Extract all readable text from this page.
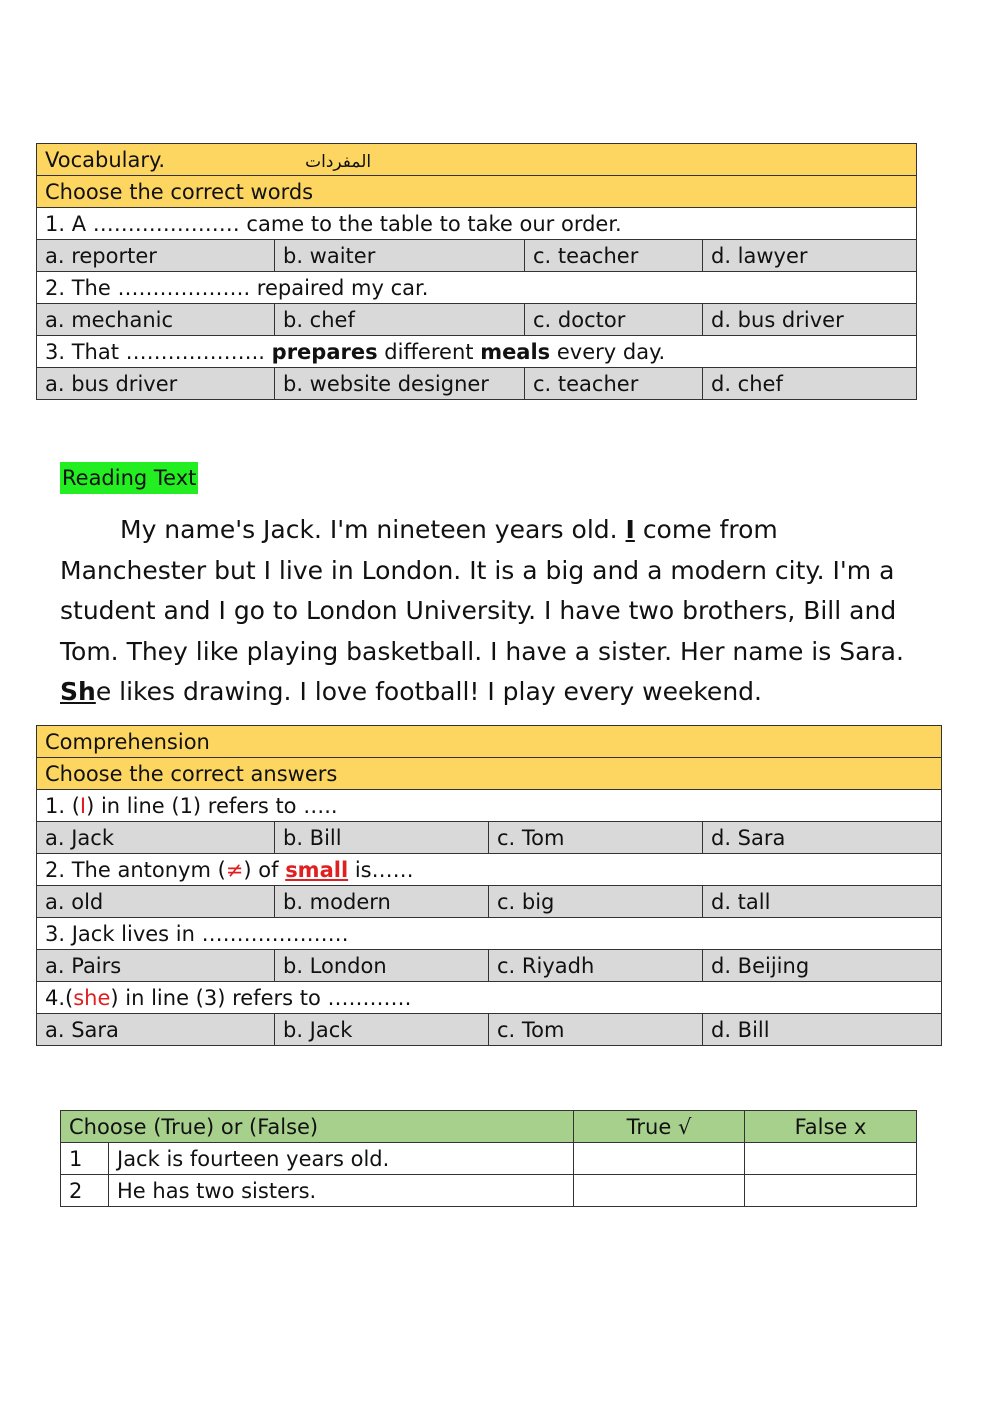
Vocabulary. المفردات			
Choose the correct words			
1. A ………………… came to the table to take our order.			
a. reporter	b. waiter	c. teacher	d. lawyer
2. The ………………. repaired my car.			
a. mechanic	b. chef	c. doctor	d. bus driver
3. That ……………….. prepares different meals every day.			
a. bus driver	b. website designer	c. teacher	d. chef
Reading Text

My name's Jack. I'm nineteen years old. I come from Manchester but I live in London. It is a big and a modern city. I'm a student and I go to London University. I have two brothers, Bill and Tom. They like playing basketball. I have a sister. Her name is Sara. She likes drawing. I love football! I play every weekend.

Comprehension			
Choose the correct answers			
1. (I) in line (1) refers to …..			
a. Jack	b. Bill	c. Tom	d. Sara
2. The antonym (≠) of small is……			
a. old	b. modern	c. big	d. tall
3. Jack lives in …………………			
a. Pairs	b. London	c. Riyadh	d. Beijing
4.(she) in line (3) refers to …………			
a. Sara	b. Jack	c. Tom	d. Bill
Choose (True) or (False)		True √	False x
1	Jack is fourteen years old.		
2	He has two sisters.		
